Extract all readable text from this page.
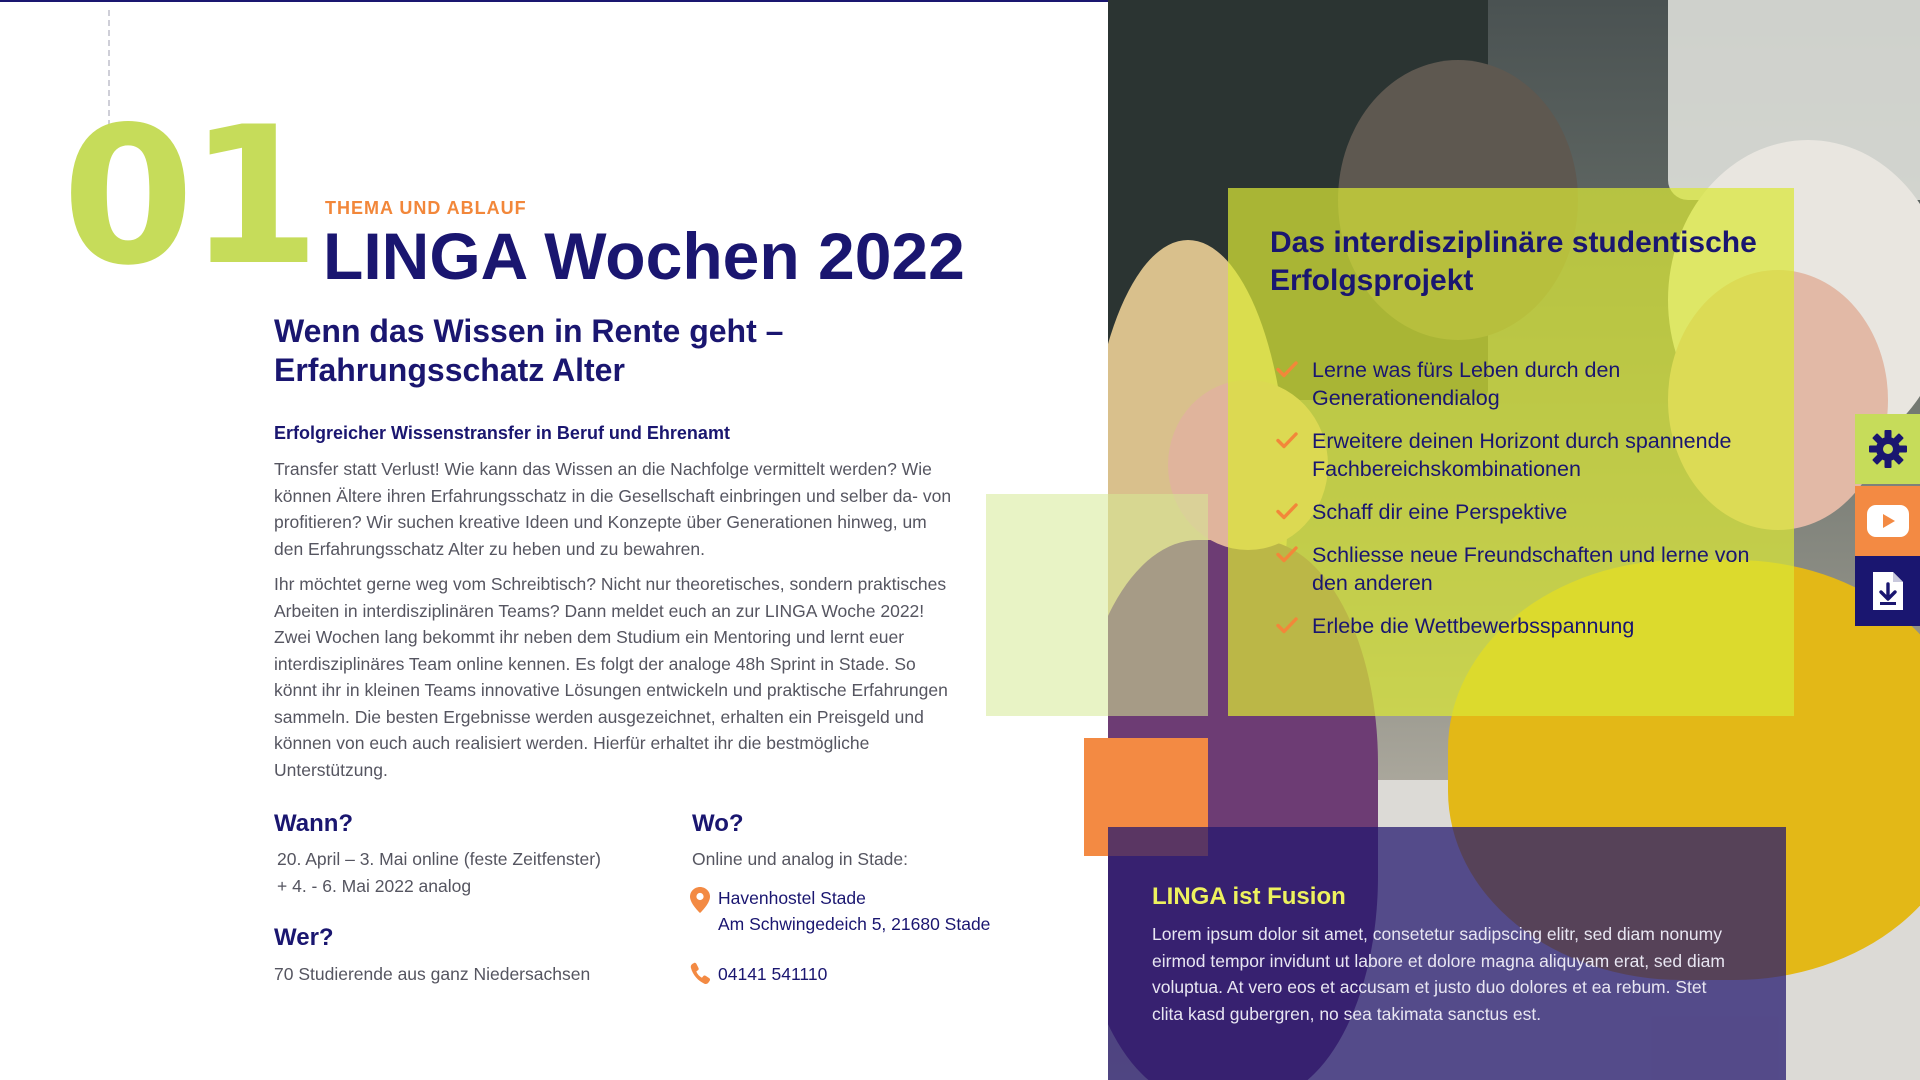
01 THEMA UND ABLAUF
LINGA Wochen 2022
Wenn das Wissen in Rente geht – Erfahrungsschatz Alter
Erfolgreicher Wissenstransfer in Beruf und Ehrenamt
Transfer statt Verlust! Wie kann das Wissen an die Nachfolge vermittelt werden? Wie können Ältere ihren Erfahrungsschatz in die Gesellschaft einbringen und selber da- von profitieren? Wir suchen kreative Ideen und Konzepte über Generationen hinweg, um den Erfahrungsschatz Alter zu heben und zu bewahren.
Ihr möchtet gerne weg vom Schreibtisch? Nicht nur theoretisches, sondern praktisches Arbeiten in interdisziplinären Teams? Dann meldet euch an zur LINGA Woche 2022! Zwei Wochen lang bekommt ihr neben dem Studium ein Mentoring und lernt euer interdisziplinäres Team online kennen. Es folgt der analoge 48h Sprint in Stade. So könnt ihr in kleinen Teams innovative Lösungen entwickeln und praktische Erfahrungen sammeln. Die besten Ergebnisse werden ausgezeichnet, erhalten ein Preisgeld und können von euch auch realisiert werden. Hierfür erhaltet ihr die bestmögliche Unterstützung.
Wann?
20. April – 3. Mai online (feste Zeitfenster)
+ 4. - 6. Mai 2022 analog
Wer?
70 Studierende aus ganz Niedersachsen
Wo?
Online und analog in Stade:
Havenhostel Stade
Am Schwingedeich 5, 21680 Stade
04141 541110
Das interdisziplinäre studentische Erfolgsprojekt
Lerne was fürs Leben durch den Generationendialog
Erweitere deinen Horizont durch spannende Fachbereichskombinationen
Schaff dir eine Perspektive
Schliesse neue Freundschaften und lerne von den anderen
Erlebe die Wettbewerbsspannung
LINGA ist Fusion
Lorem ipsum dolor sit amet, consetetur sadipscing elitr, sed diam nonumy eirmod tempor invidunt ut labore et dolore magna aliquyam erat, sed diam voluptua. At vero eos et accusam et justo duo dolores et ea rebum. Stet clita kasd gubergren, no sea takimata sanctus est.
